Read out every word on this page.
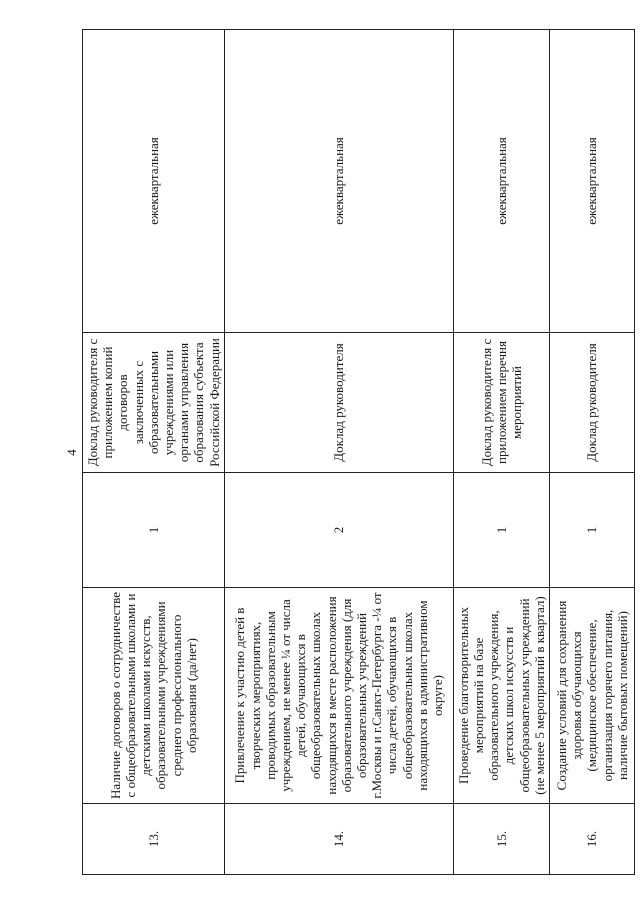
4
13.	Наличие договоров о сотрудничестве с общеобразовательными школами и детскими школами искусств, образовательными учреждениями среднего профессионального образования (да/нет)	1	Доклад руководителя с приложением копий договоров заключенных с образовательными учреждениями или органами управления образования субъекта Российской Федерации	ежеквартальная
14.	Привлечение к участию детей в творческих мероприятиях, проводимых образовательным учреждением, не менее ¼ от числа детей, обучающихся в общеобразовательных школах находящихся в месте расположения образовательного учреждения (для образовательных учреждений г.Москвы и г.Санкт-Петербурга -¼ от числа детей, обучающихся в общеобразовательных школах находящихся в административном округе)	2	Доклад руководителя	ежеквартальная
15.	Проведение благотворительных мероприятий на базе образовательного учреждения, детских школ искусств и общеобразовательных учреждений (не менее 5 мероприятий в квартал)	1	Доклад руководителя с приложением перечня мероприятий	ежеквартальная
16.	Создание условий для сохранения здоровья обучающихся (медицинское обеспечение, организация горячего питания, наличие бытовых помещений)	1	Доклад руководителя	ежеквартальная
